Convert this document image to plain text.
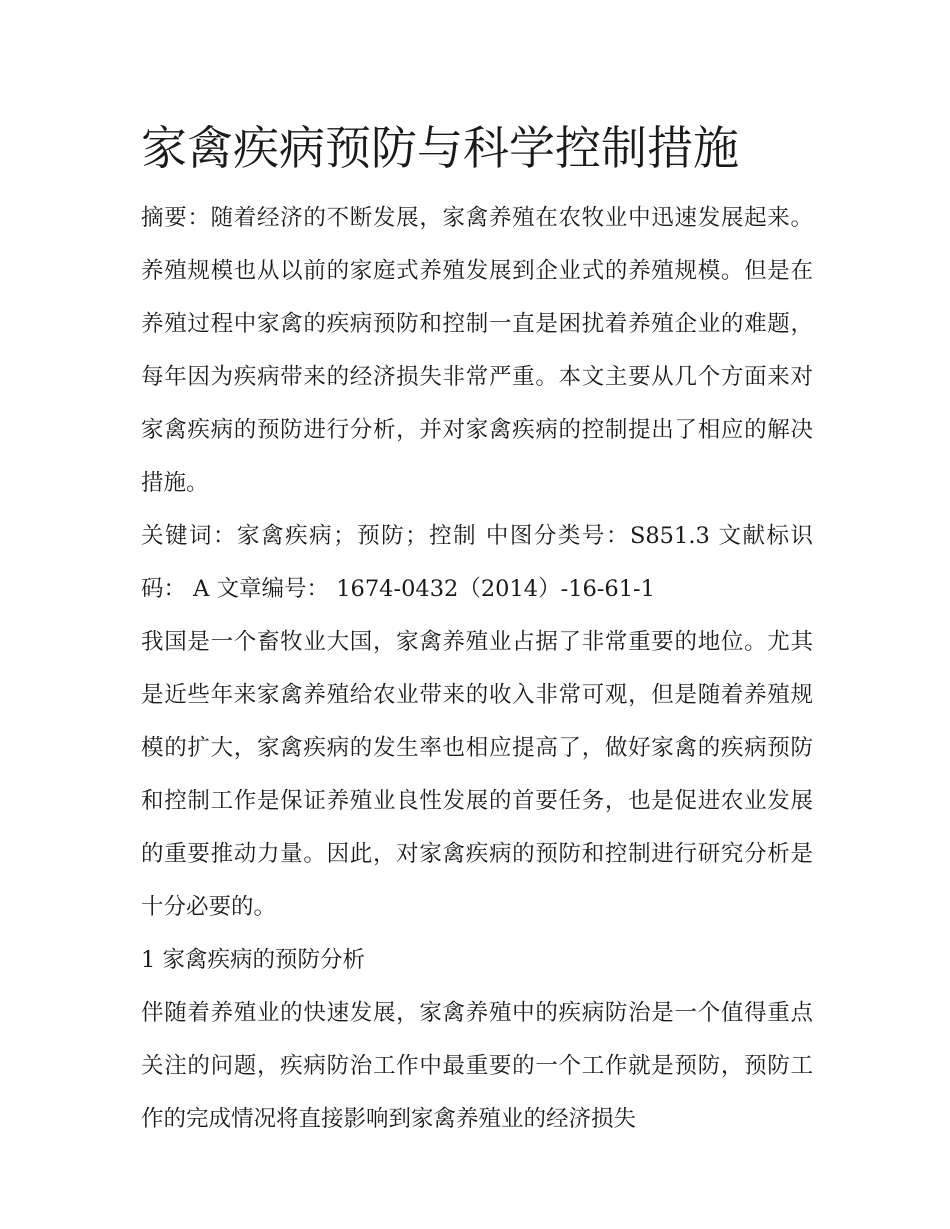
家禽疾病预防与科学控制措施

摘要：随着经济的不断发展，家禽养殖在农牧业中迅速发展起来。养殖规模也从以前的家庭式养殖发展到企业式的养殖规模。但是在养殖过程中家禽的疾病预防和控制一直是困扰着养殖企业的难题，每年因为疾病带来的经济损失非常严重。本文主要从几个方面来对家禽疾病的预防进行分析，并对家禽疾病的控制提出了相应的解决措施。

关键词：家禽疾病；预防；控制 中图分类号：S851.3 文献标识码： A 文章编号： 1674-0432（2014）-16-61-1

我国是一个畜牧业大国，家禽养殖业占据了非常重要的地位。尤其是近些年来家禽养殖给农业带来的收入非常可观，但是随着养殖规模的扩大，家禽疾病的发生率也相应提高了，做好家禽的疾病预防和控制工作是保证养殖业良性发展的首要任务，也是促进农业发展的重要推动力量。因此，对家禽疾病的预防和控制进行研究分析是十分必要的。

1 家禽疾病的预防分析

伴随着养殖业的快速发展，家禽养殖中的疾病防治是一个值得重点关注的问题，疾病防治工作中最重要的一个工作就是预防，预防工作的完成情况将直接影响到家禽养殖业的经济损失
